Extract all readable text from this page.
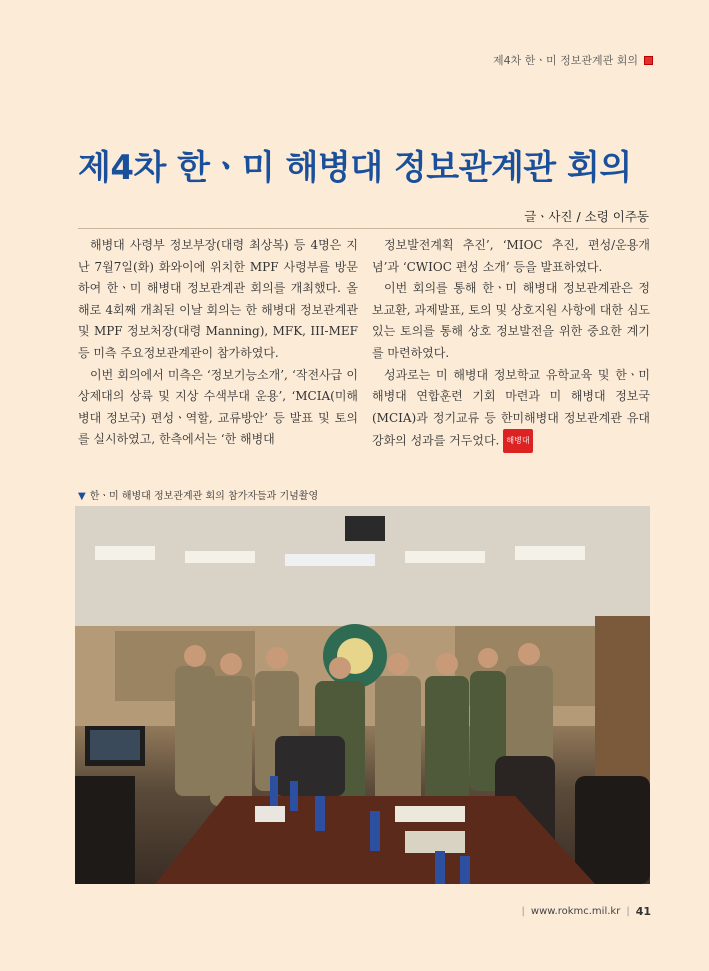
제4차 한ㆍ미 정보관계관 회의
제4차 한ㆍ미 해병대 정보관계관 회의
글ㆍ사진 / 소령 이주동

해병대 사령부 정보부장(대령 최상복) 등 4명은 지난 7월7일(화) 화와이에 위치한 MPF 사령부를 방문하여 한ㆍ미 해병대 정보관계관 회의를 개최했다. 올해로 4회째 개최된 이날 회의는 한 해병대 정보관계관 및 MPF 정보처장(대령 Manning), MFK, III-MEF 등 미측 주요정보관계관이 참가하였다.

이번 회의에서 미측은 ‘정보기능소개’, ‘작전사급 이상제대의 상륙 및 지상 수색부대 운용’, ‘MCIA(미해병대 정보국) 편성ㆍ역할, 교류방안’ 등 발표 및 토의를 실시하였고, 한측에서는 ‘한 해병대

정보발전계획 추진’, ‘MIOC 추진, 편성/운용개념’과 ‘CWIOC 편성 소개’ 등을 발표하였다.

이번 회의를 통해 한ㆍ미 해병대 정보관계관은 정보교환, 과제발표, 토의 및 상호지원 사항에 대한 심도 있는 토의를 통해 상호 정보발전을 위한 중요한 계기를 마련하였다.

성과로는 미 해병대 정보학교 유학교육 및 한ㆍ미 해병대 연합훈련 기회 마련과 미 해병대 정보국(MCIA)과 정기교류 등 한미해병대 정보관계관 유대 강화의 성과를 거두었다. 해병대

▼ 한ㆍ미 해병대 정보관계관 회의 참가자들과 기념촬영
| www.rokmc.mil.kr | 41
